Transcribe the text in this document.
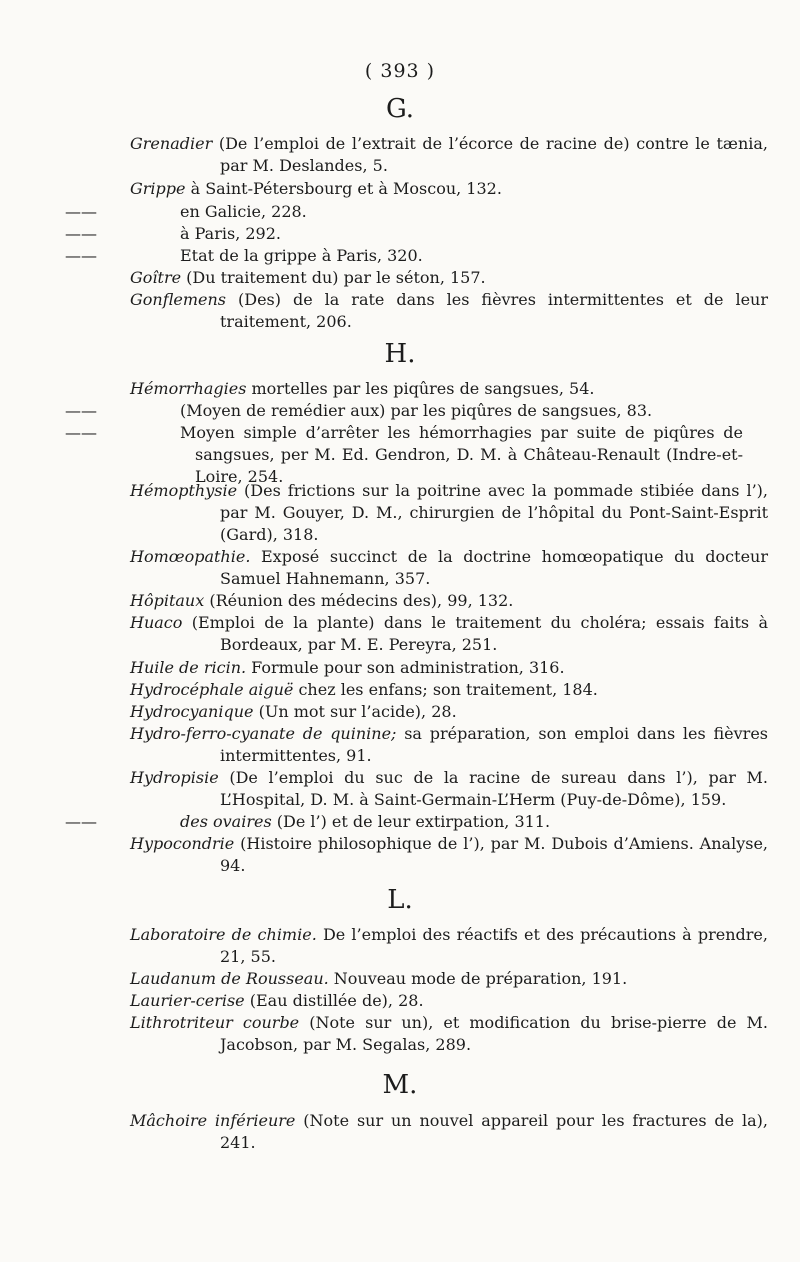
( 393 )
G.
Grenadier (De l’emploi de l’extrait de l’écorce de racine de) contre le tænia, par M. Deslandes, 5.
Grippe à Saint-Pétersbourg et à Moscou, 132.
——	en Galicie, 228.
——	à Paris, 292.
——	Etat de la grippe à Paris, 320.
Goître (Du traitement du) par le séton, 157.
Gonflemens (Des) de la rate dans les fièvres intermittentes et de leur traitement, 206.
H.
Hémorrhagies mortelles par les piqûres de sangsues, 54.
——	(Moyen de remédier aux) par les piqûres de sangsues, 83.
——	Moyen simple d’arrêter les hémorrhagies par suite de piqûres de sangsues, per M. Ed. Gendron, D. M. à Château-Renault (Indre-et-Loire, 254.
Hémopthysie (Des frictions sur la poitrine avec la pommade stibiée dans l’), par M. Gouyer, D. M., chirurgien de l’hôpital du Pont-Saint-Esprit (Gard), 318.
Homœopathie. Exposé succinct de la doctrine homœopatique du docteur Samuel Hahnemann, 357.
Hôpitaux (Réunion des médecins des), 99, 132.
Huaco (Emploi de la plante) dans le traitement du choléra; essais faits à Bordeaux, par M. E. Pereyra, 251.
Huile de ricin. Formule pour son administration, 316.
Hydrocéphale aiguë chez les enfans; son traitement, 184.
Hydrocyanique (Un mot sur l’acide), 28.
Hydro-ferro-cyanate de quinine; sa préparation, son emploi dans les fièvres intermittentes, 91.
Hydropisie (De l’emploi du suc de la racine de sureau dans l’), par M. L’Hospital, D. M. à Saint-Germain-L’Herm (Puy-de-Dôme), 159.
——	des ovaires (De l’) et de leur extirpation, 311.
Hypocondrie (Histoire philosophique de l’), par M. Dubois d’Amiens. Analyse, 94.
L.
Laboratoire de chimie. De l’emploi des réactifs et des précautions à prendre, 21, 55.
Laudanum de Rousseau. Nouveau mode de préparation, 191.
Laurier-cerise (Eau distillée de), 28.
Lithrotriteur courbe (Note sur un), et modification du brise-pierre de M. Jacobson, par M. Segalas, 289.
M.
Mâchoire inférieure (Note sur un nouvel appareil pour les fractures de la), 241.
